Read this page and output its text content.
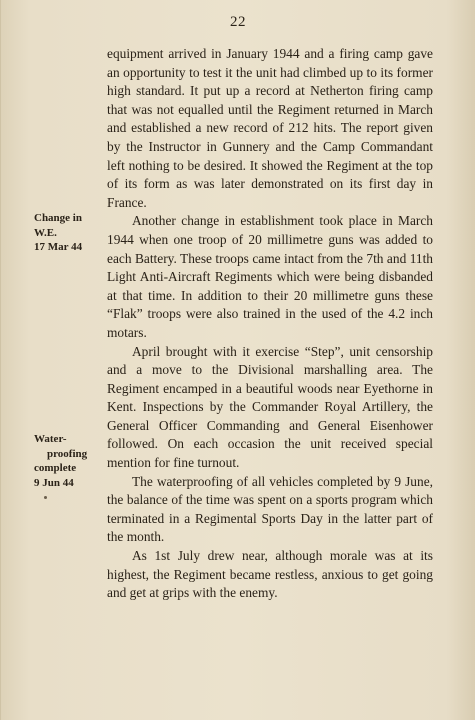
22
Change in
W.E.
17 Mar 44
Water-
proofing
complete
9 Jun 44

equipment arrived in January 1944 and a firing camp gave an opportunity to test it the unit had climbed up to its former high standard. It put up a record at Netherton firing camp that was not equalled until the Regiment returned in March and established a new record of 212 hits. The report given by the Instructor in Gunnery and the Camp Commandant left nothing to be desired. It showed the Regiment at the top of its form as was later demonstrated on its first day in France.

Another change in establishment took place in March 1944 when one troop of 20 millimetre guns was added to each Battery. These troops came intact from the 7th and 11th Light Anti-Aircraft Regiments which were being disbanded at that time. In addition to their 20 millimetre guns these “Flak” troops were also trained in the used of the 4.2 inch motars.

April brought with it exercise “Step”, unit censorship and a move to the Divisional marshalling area. The Regiment encamped in a beautiful woods near Eyethorne in Kent. Inspections by the Commander Royal Artillery, the General Officer Commanding and General Eisenhower followed. On each occasion the unit received special mention for fine turnout.

The waterproofing of all vehicles completed by 9 June, the balance of the time was spent on a sports program which terminated in a Regimental Sports Day in the latter part of the month.

As 1st July drew near, although morale was at its highest, the Regiment became restless, anxious to get going and get at grips with the enemy.
